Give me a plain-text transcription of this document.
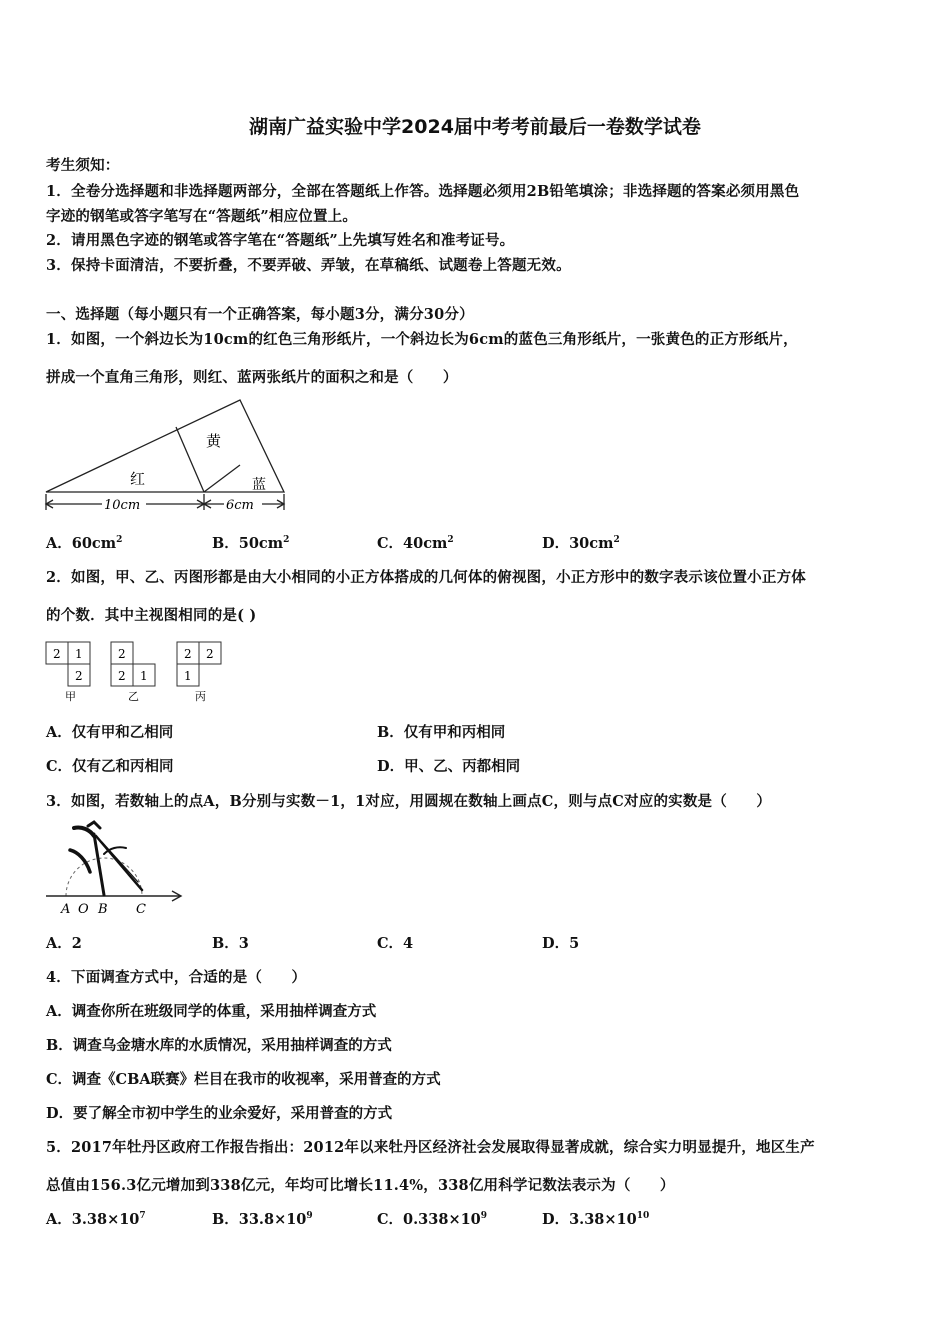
湖南广益实验中学2024届中考考前最后一卷数学试卷
考生须知：
1．全卷分选择题和非选择题两部分，全部在答题纸上作答。选择题必须用2B铅笔填涂；非选择题的答案必须用黑色
字迹的钢笔或答字笔写在“答题纸”相应位置上。
2．请用黑色字迹的钢笔或答字笔在“答题纸”上先填写姓名和准考证号。
3．保持卡面清洁，不要折叠，不要弄破、弄皱，在草稿纸、试题卷上答题无效。
一、选择题（每小题只有一个正确答案，每小题3分，满分30分）
1．如图，一个斜边长为10cm的红色三角形纸片，一个斜边长为6cm的蓝色三角形纸片，一张黄色的正方形纸片，
拼成一个直角三角形，则红、蓝两张纸片的面积之和是（　　）
红
黄
蓝
10cm	6cm
A．$60cm^2$	B．$50cm^2$	C．$40cm^2$	D．$30cm^2$
2．如图，甲、乙、丙图形都是由大小相同的小正方体搭成的几何体的俯视图，小正方形中的数字表示该位置小正方体
的个数．其中主视图相同的是( )
2 1
2
2
2 1
2 2
1
甲	乙	丙
A．仅有甲和乙相同	B．仅有甲和丙相同
C．仅有乙和丙相同	D．甲、乙、丙都相同
3．如图，若数轴上的点A，B分别与实数－1，1对应，用圆规在数轴上画点C，则与点C对应的实数是（　　）
A O B C
A．2	B．3	C．4	D．5
4．下面调查方式中，合适的是（　　）
A．调查你所在班级同学的体重，采用抽样调查方式
B．调查乌金塘水库的水质情况，采用抽样调查的方式
C．调查《CBA联赛》栏目在我市的收视率，采用普查的方式
D．要了解全市初中学生的业余爱好，采用普查的方式
5．2017年牡丹区政府工作报告指出：2012年以来牡丹区经济社会发展取得显著成就，综合实力明显提升，地区生产
总值由156.3亿元增加到338亿元，年均可比增长11.4%，338亿用科学记数法表示为（　　）
A．$3.38\times 10^7$	B．$33.8\times 10^9$	C．$0.338\times 10^9$	D．$3.38\times 10^{10}$
